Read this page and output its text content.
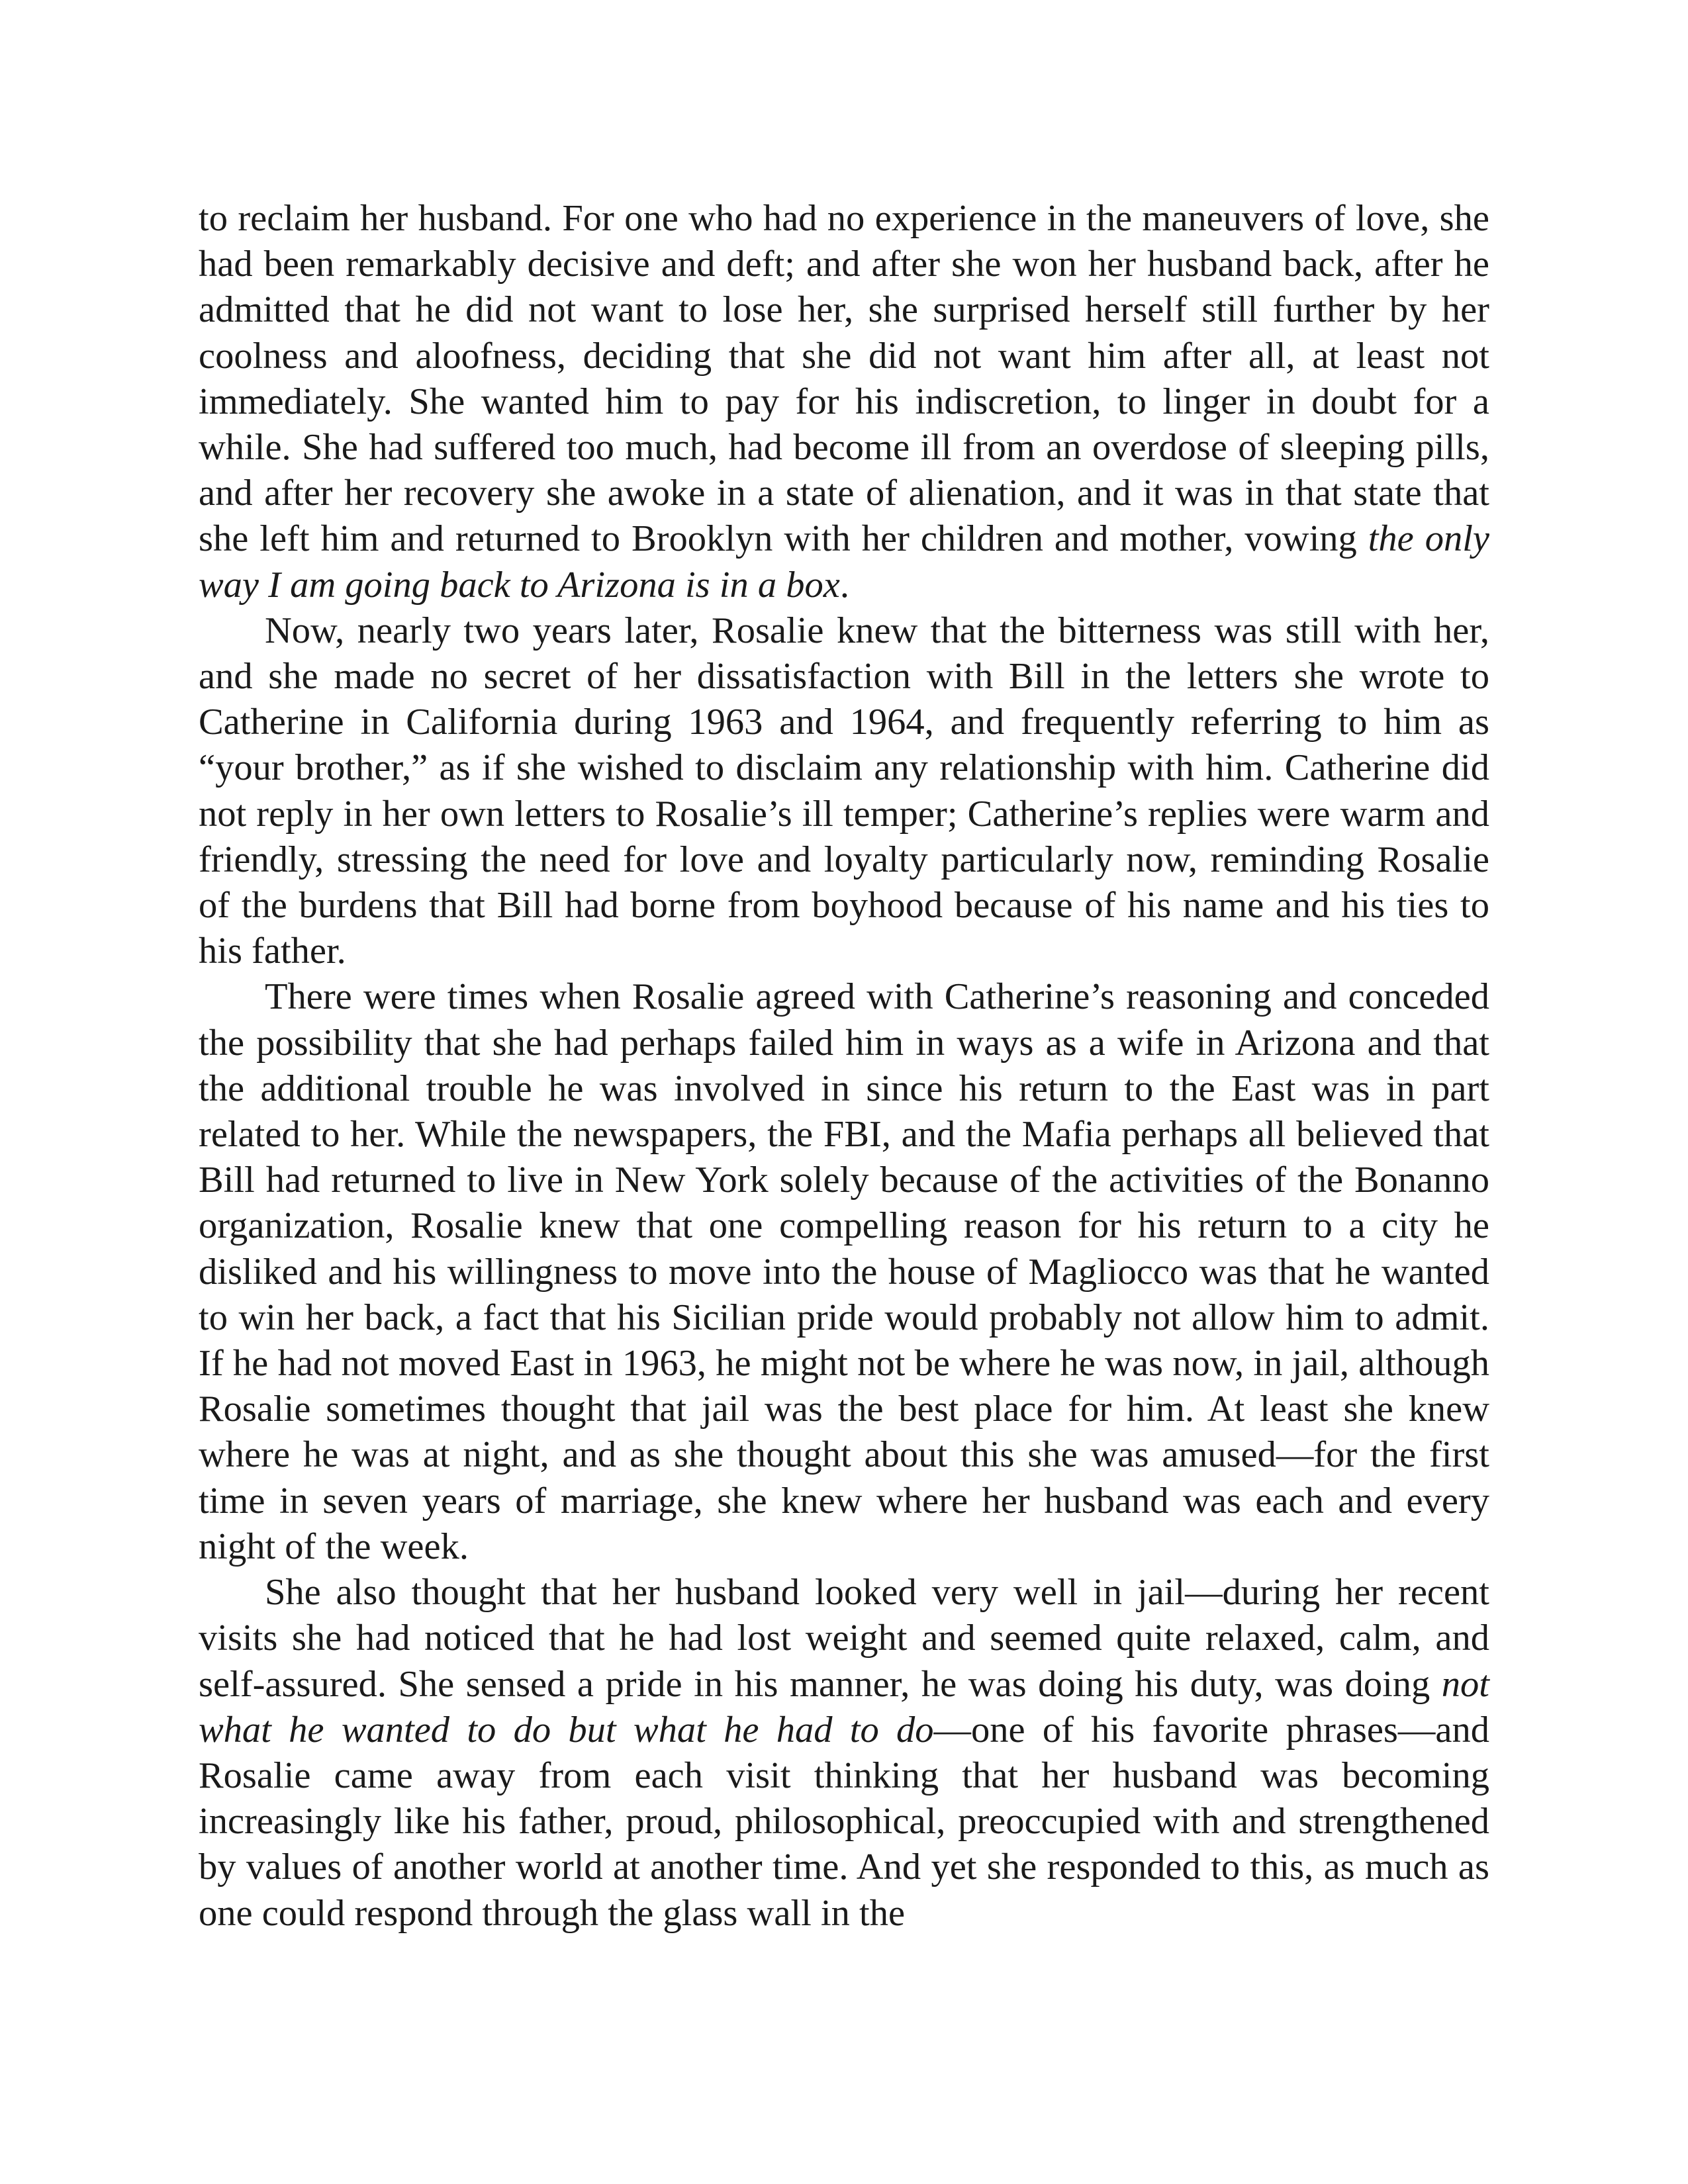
to reclaim her husband. For one who had no experience in the maneuvers of love, she had been remarkably decisive and deft; and after she won her husband back, after he admitted that he did not want to lose her, she surprised herself still further by her coolness and aloofness, deciding that she did not want him after all, at least not immediately. She wanted him to pay for his indiscretion, to linger in doubt for a while. She had suffered too much, had become ill from an overdose of sleeping pills, and after her recovery she awoke in a state of alienation, and it was in that state that she left him and returned to Brooklyn with her children and mother, vowing the only way I am going back to Arizona is in a box.

Now, nearly two years later, Rosalie knew that the bitterness was still with her, and she made no secret of her dissatisfaction with Bill in the letters she wrote to Catherine in California during 1963 and 1964, and frequently referring to him as “your brother,” as if she wished to disclaim any relationship with him. Catherine did not reply in her own letters to Rosalie’s ill temper; Catherine’s replies were warm and friendly, stressing the need for love and loyalty particularly now, reminding Rosalie of the burdens that Bill had borne from boyhood because of his name and his ties to his father.

There were times when Rosalie agreed with Catherine’s reasoning and conceded the possibility that she had perhaps failed him in ways as a wife in Arizona and that the additional trouble he was involved in since his return to the East was in part related to her. While the newspapers, the FBI, and the Mafia perhaps all believed that Bill had returned to live in New York solely because of the activities of the Bonanno organization, Rosalie knew that one compelling reason for his return to a city he disliked and his willingness to move into the house of Magliocco was that he wanted to win her back, a fact that his Sicilian pride would probably not allow him to admit. If he had not moved East in 1963, he might not be where he was now, in jail, although Rosalie sometimes thought that jail was the best place for him. At least she knew where he was at night, and as she thought about this she was amused—for the first time in seven years of marriage, she knew where her husband was each and every night of the week.

She also thought that her husband looked very well in jail—during her recent visits she had noticed that he had lost weight and seemed quite relaxed, calm, and self-assured. She sensed a pride in his manner, he was doing his duty, was doing not what he wanted to do but what he had to do—one of his favorite phrases—and Rosalie came away from each visit thinking that her husband was becoming increasingly like his father, proud, philosophical, preoccupied with and strengthened by values of another world at another time. And yet she responded to this, as much as one could respond through the glass wall in the
